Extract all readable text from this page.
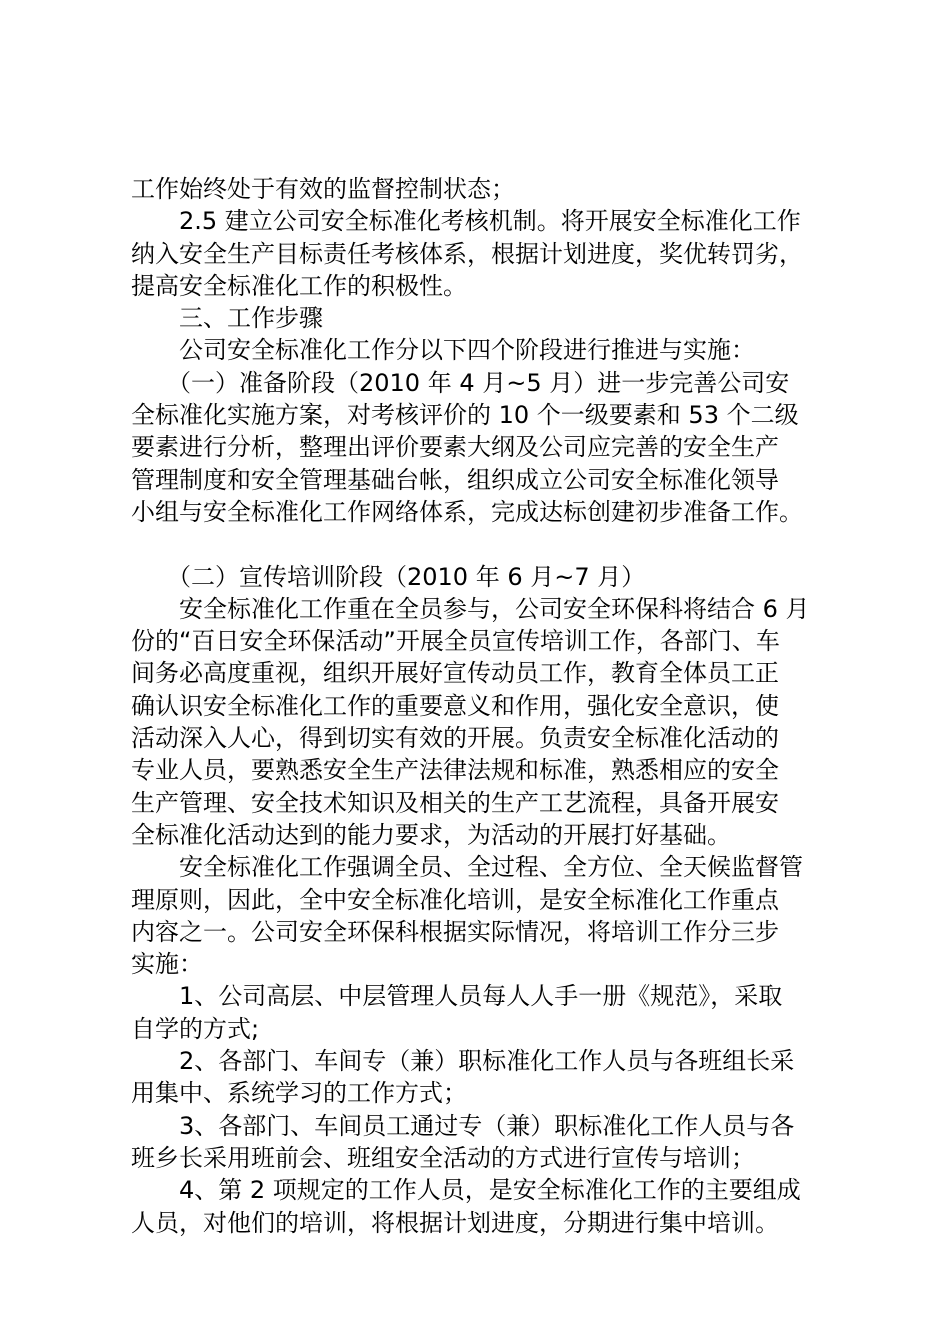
工作始终处于有效的监督控制状态；
　　2.5 建立公司安全标准化考核机制。将开展安全标准化工作
纳入安全生产目标责任考核体系，根据计划进度，奖优转罚劣，
提高安全标准化工作的积极性。
　　三、工作步骤
　　公司安全标准化工作分以下四个阶段进行推进与实施：
　　（一）准备阶段（2010 年 4 月~5 月）进一步完善公司安
全标准化实施方案，对考核评价的 10 个一级要素和 53 个二级
要素进行分析，整理出评价要素大纲及公司应完善的安全生产
管理制度和安全管理基础台帐，组织成立公司安全标准化领导
小组与安全标准化工作网络体系，完成达标创建初步准备工作。
　　（二）宣传培训阶段（2010 年 6 月~7 月）
　　安全标准化工作重在全员参与，公司安全环保科将结合 6 月
份的“百日安全环保活动”开展全员宣传培训工作，各部门、车
间务必高度重视，组织开展好宣传动员工作，教育全体员工正
确认识安全标准化工作的重要意义和作用，强化安全意识，使
活动深入人心，得到切实有效的开展。负责安全标准化活动的
专业人员，要熟悉安全生产法律法规和标准，熟悉相应的安全
生产管理、安全技术知识及相关的生产工艺流程，具备开展安
全标准化活动达到的能力要求，为活动的开展打好基础。
　　安全标准化工作强调全员、全过程、全方位、全天候监督管
理原则，因此，全中安全标准化培训，是安全标准化工作重点
内容之一。公司安全环保科根据实际情况，将培训工作分三步
实施：
　　1、公司高层、中层管理人员每人人手一册《规范》，采取
自学的方式;
　　2、各部门、车间专（兼）职标准化工作人员与各班组长采
用集中、系统学习的工作方式；
　　3、各部门、车间员工通过专（兼）职标准化工作人员与各
班乡长采用班前会、班组安全活动的方式进行宣传与培训；
　　4、第 2 项规定的工作人员，是安全标准化工作的主要组成
人员，对他们的培训，将根据计划进度，分期进行集中培训。
